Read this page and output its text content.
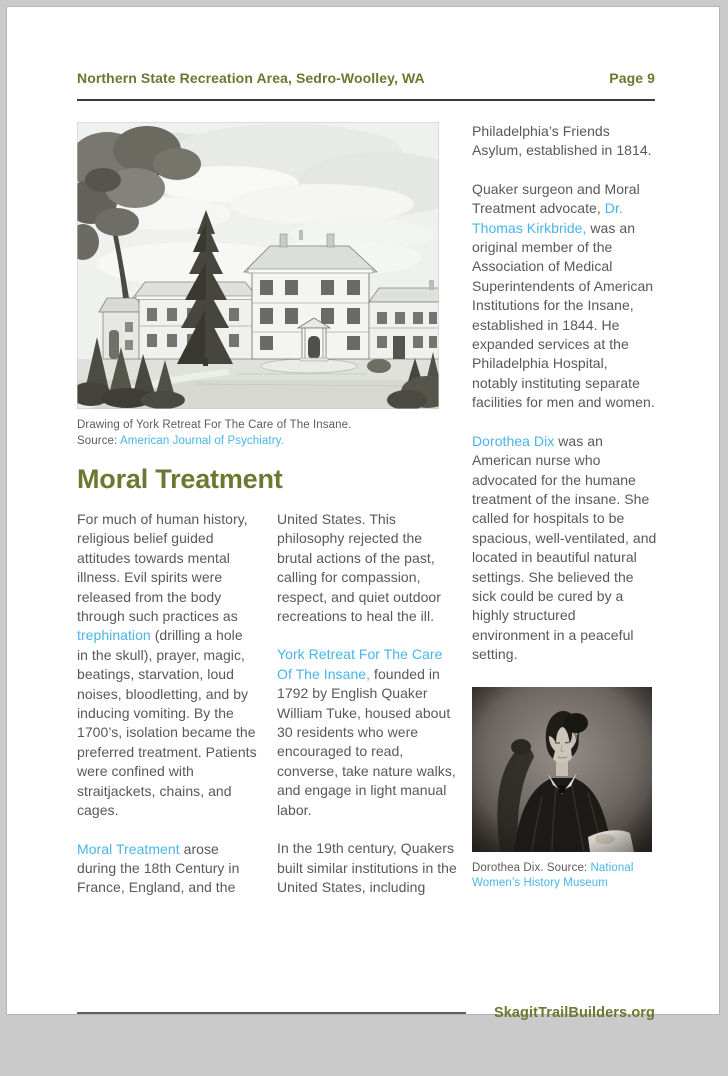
Northern State Recreation Area, Sedro-Woolley, WA	Page 9

Drawing of York Retreat For The Care of The Insane.

Source: American Journal of Psychiatry.

Moral Treatment

For much of human history, religious belief guided attitudes towards mental illness. Evil spirits were released from the body through such practices as trephination (drilling a hole in the skull), prayer, magic, beatings, starvation, loud noises, bloodletting, and by inducing vomiting. By the 1700’s, isolation became the preferred treatment. Patients were confined with straitjackets, chains, and cages.

Moral Treatment arose during the 18th Century in France, England, and the

United States. This philosophy rejected the brutal actions of the past, calling for compassion, respect, and quiet outdoor recreations to heal the ill.

York Retreat For The Care Of The Insane, founded in 1792 by English Quaker William Tuke, housed about 30 residents who were encouraged to read, converse, take nature walks, and engage in light manual labor.

In the 19th century, Quakers built similar institutions in the United States, including

Philadelphia’s Friends Asylum, established in 1814.

Quaker surgeon and Moral Treatment advocate, Dr. Thomas Kirkbride, was an original member of the Association of Medical Superintendents of American Institutions for the Insane, established in 1844. He expanded services at the Philadelphia Hospital, notably instituting separate facilities for men and women.

Dorothea Dix was an American nurse who advocated for the humane treatment of the insane. She called for hospitals to be spacious, well-ventilated, and located in beautiful natural settings. She believed the sick could be cured by a highly structured environment in a peaceful setting.

Dorothea Dix. Source: National Women’s History Museum

SkagitTrailBuilders.org
